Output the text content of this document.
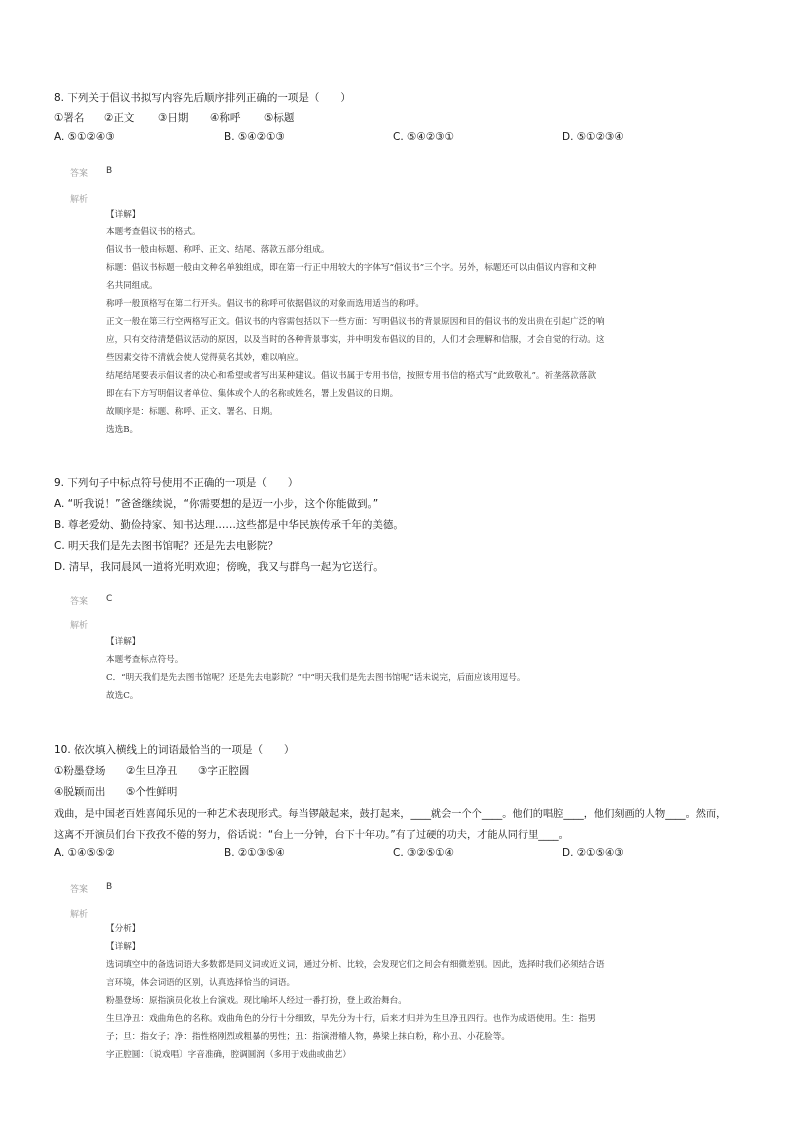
8. 下列关于倡议书拟写内容先后顺序排列正确的一项是（　　）
①署名 ②正文 ③日期 ④称呼 ⑤标题
A. ⑤①②④③	B. ⑤④②①③	C. ⑤④②③①	D. ⑤①②③④
答案 B
解析
【详解】
本题考查倡议书的格式。
倡议书一般由标题、称呼、正文、结尾、落款五部分组成。
标题：倡议书标题一般由文种名单独组成，即在第一行正中用较大的字体写“倡议书”三个字。另外，标题还可以由倡议内容和文种
名共同组成。
称呼一般顶格写在第二行开头。倡议书的称呼可依据倡议的对象而选用适当的称呼。
正文一般在第三行空两格写正文。倡议书的内容需包括以下一些方面：写明倡议书的背景原因和目的倡议书的发出贵在引起广泛的响
应，只有交待清楚倡议活动的原因，以及当时的各种背景事实，并申明发布倡议的目的，人们才会理解和信服，才会自觉的行动。这
些因素交待不清就会使人觉得莫名其妙，难以响应。
结尾结尾要表示倡议者的决心和希望或者写出某种建议。倡议书属于专用书信，按照专用书信的格式写“此致敬礼”。祈垄落款落款
即在右下方写明倡议者单位、集体或个人的名称或姓名，署上发倡议的日期。
故顺序是：标题、称呼、正文、署名、日期。
选选B。
9. 下列句子中标点符号使用不正确的一项是（　　）
A. “听我说！”爸爸继续说，“你需要想的是迈一小步，这个你能做到。”
B. 尊老爱幼、勤俭持家、知书达理……这些都是中华民族传承千年的美德。
C. 明天我们是先去图书馆呢？还是先去电影院？
D. 清早，我同晨风一道将光明欢迎；傍晚，我又与群鸟一起为它送行。
答案 C
解析
【详解】
本题考查标点符号。
C．“明天我们是先去图书馆呢？还是先去电影院？”中“明天我们是先去图书馆呢”话未说完，后面应该用逗号。
故选C。
10. 依次填入横线上的词语最恰当的一项是（　　）
①粉墨登场 ②生旦净丑 ③字正腔圆
④脱颖而出 ⑤个性鲜明
戏曲，是中国老百姓喜闻乐见的一种艺术表现形式。每当锣敲起来，鼓打起来，____就会一个个____。他们的唱腔____，他们刻画的人物____。然而，
这离不开演员们台下孜孜不倦的努力，俗话说：“台上一分钟，台下十年功。”有了过硬的功夫，才能从同行里____。
A. ①④⑤⑤②	B. ②①③⑤④	C. ③②⑤①④	D. ②①⑤④③
答案 B
解析
【分析】
【详解】
选词填空中的备选词语大多数都是同义词或近义词，通过分析、比较，会发现它们之间会有细微差别。因此，选择时我们必须结合语
言环境，体会词语的区别，认真选择恰当的词语。
粉墨登场：原指演员化妆上台演戏。现比喻坏人经过一番打扮，登上政治舞台。
生旦净丑：戏曲角色的名称。戏曲角色的分行十分细致，早先分为十行，后来才归并为生旦净丑四行。也作为成语使用。生：指男
子；旦：指女子；净：指性格刚烈或粗暴的男性；丑：指演滑稽人物，鼻梁上抹白粉，称小丑、小花脸等。
字正腔圆：〔说戏唱〕字音准确，腔调圆润（多用于戏曲或曲艺）
